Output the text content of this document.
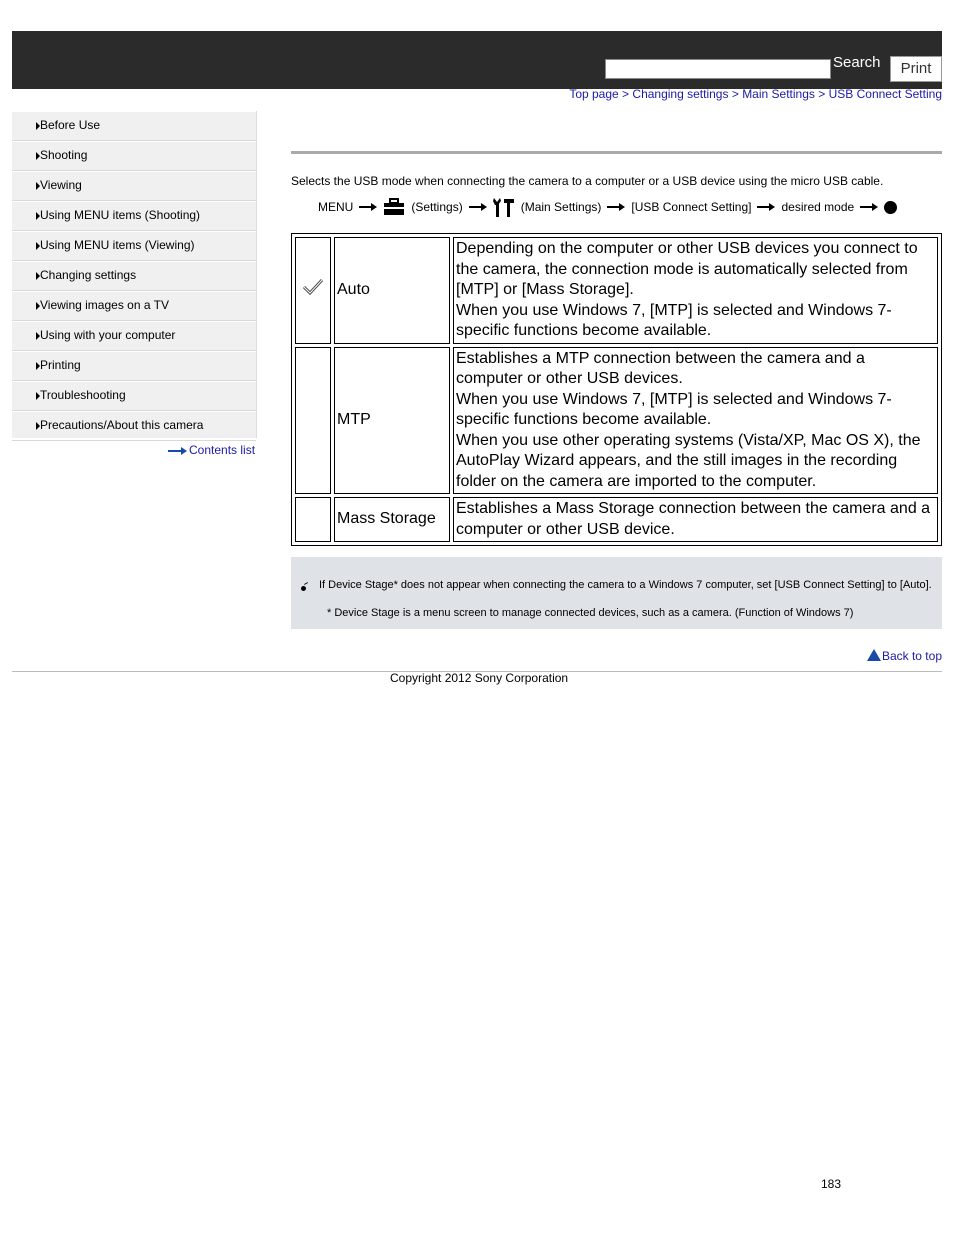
Search	Print
Top page > Changing settings > Main Settings > USB Connect Setting
Before Use
Shooting
Viewing
Using MENU items (Shooting)
Using MENU items (Viewing)
Changing settings
Viewing images on a TV
Using with your computer
Printing
Troubleshooting
Precautions/About this camera
Contents list
Selects the USB mode when connecting the camera to a computer or a USB device using the micro USB cable.
MENU	(Settings)	(Main Settings)	[USB Connect Setting]	desired mode
	Auto	Depending on the computer or other USB devices you connect to the camera, the connection mode is automatically selected from [MTP] or [Mass Storage].
When you use Windows 7, [MTP] is selected and Windows 7-specific functions become available.

	MTP	Establishes a MTP connection between the camera and a computer or other USB devices.
When you use Windows 7, [MTP] is selected and Windows 7-specific functions become available.
When you use other operating systems (Vista/XP, Mac OS X), the AutoPlay Wizard appears, and the still images in the recording folder on the camera are imported to the computer.

	Mass Storage	Establishes a Mass Storage connection between the camera and a computer or other USB device.
If Device Stage* does not appear when connecting the camera to a Windows 7 computer, set [USB Connect Setting] to [Auto].
* Device Stage is a menu screen to manage connected devices, such as a camera. (Function of Windows 7)
Back to top
Copyright 2012 Sony Corporation
183
